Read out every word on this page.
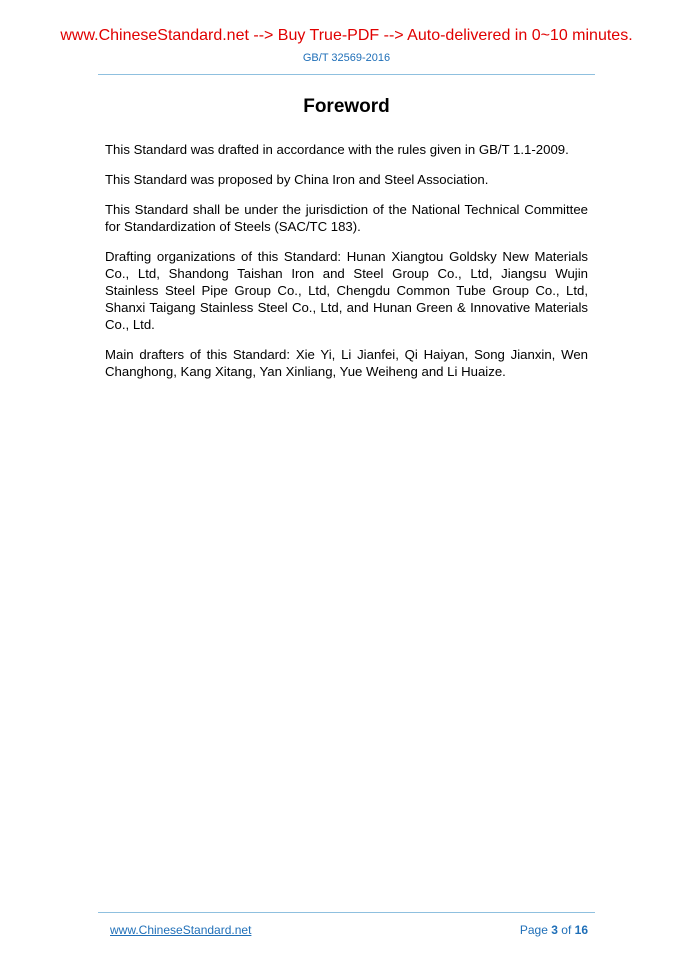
www.ChineseStandard.net --> Buy True-PDF --> Auto-delivered in 0~10 minutes.
GB/T 32569-2016
Foreword

This Standard was drafted in accordance with the rules given in GB/T 1.1-2009.

This Standard was proposed by China Iron and Steel Association.

This Standard shall be under the jurisdiction of the National Technical Committee for Standardization of Steels (SAC/TC 183).

Drafting organizations of this Standard: Hunan Xiangtou Goldsky New Materials Co., Ltd, Shandong Taishan Iron and Steel Group Co., Ltd, Jiangsu Wujin Stainless Steel Pipe Group Co., Ltd, Chengdu Common Tube Group Co., Ltd, Shanxi Taigang Stainless Steel Co., Ltd, and Hunan Green & Innovative Materials Co., Ltd.

Main drafters of this Standard: Xie Yi, Li Jianfei, Qi Haiyan, Song Jianxin, Wen Changhong, Kang Xitang, Yan Xinliang, Yue Weiheng and Li Huaize.

www.ChineseStandard.net	Page 3 of 16
